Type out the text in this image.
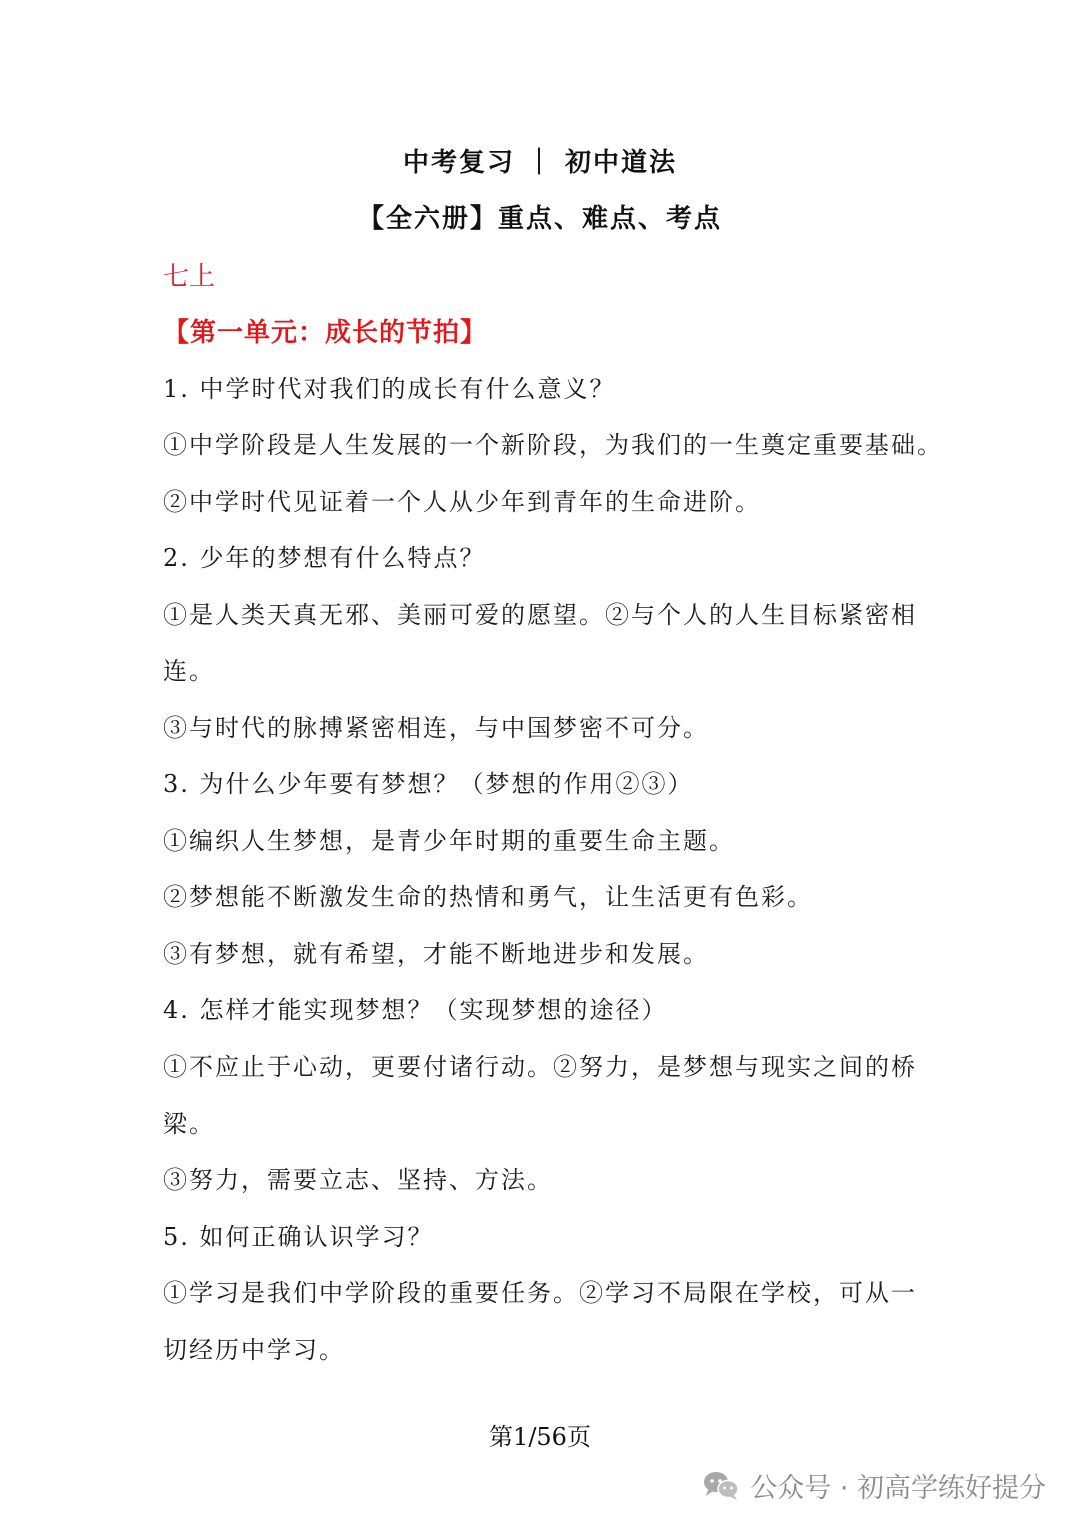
中考复习 ｜ 初中道法
【全六册】重点、难点、考点
七上
【第一单元：成长的节拍】
1. 中学时代对我们的成长有什么意义？
①中学阶段是人生发展的一个新阶段，为我们的一生奠定重要基础。
②中学时代见证着一个人从少年到青年的生命进阶。
2. 少年的梦想有什么特点？
①是人类天真无邪、美丽可爱的愿望。②与个人的人生目标紧密相
连。
③与时代的脉搏紧密相连，与中国梦密不可分。
3. 为什么少年要有梦想？（梦想的作用②③）
①编织人生梦想，是青少年时期的重要生命主题。
②梦想能不断激发生命的热情和勇气，让生活更有色彩。
③有梦想，就有希望，才能不断地进步和发展。
4. 怎样才能实现梦想？（实现梦想的途径）
①不应止于心动，更要付诸行动。②努力，是梦想与现实之间的桥
梁。
③努力，需要立志、坚持、方法。
5. 如何正确认识学习？
①学习是我们中学阶段的重要任务。②学习不局限在学校，可从一
切经历中学习。
第1/56页
公众号 · 初高学练好提分
